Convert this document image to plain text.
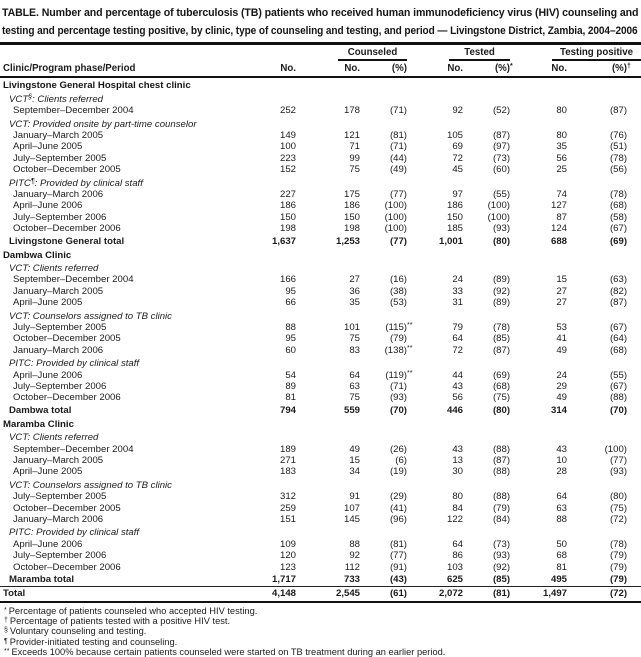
TABLE. Number and percentage of tuberculosis (TB) patients who received human immunodeficiency virus (HIV) counseling and
testing and percentage testing positive, by clinic, type of counseling and testing, and period — Livingstone District, Zambia, 2004–2006

		Counseled		Tested		Testing positive	

Clinic/Program phase/Period	No.	No.	(%)	No.	(%)*	No.	(%)†
Livingstone General Hospital chest clinic							
VCT§: Clients referred							
September–December 2004	252	178	(71)	92	(52)	80	(87)
VCT: Provided onsite by part-time counselor							
January–March 2005	149	121	(81)	105	(87)	80	(76)
April–June 2005	100	71	(71)	69	(97)	35	(51)
July–September 2005	223	99	(44)	72	(73)	56	(78)
October–December 2005	152	75	(49)	45	(60)	25	(56)
PITC¶: Provided by clinical staff							
January–March 2006	227	175	(77)	97	(55)	74	(78)
April–June 2006	186	186	(100)	186	(100)	127	(68)
July–September 2006	150	150	(100)	150	(100)	87	(58)
October–December 2006	198	198	(100)	185	(93)	124	(67)
Livingstone General total	1,637	1,253	(77)	1,001	(80)	688	(69)
Dambwa Clinic							
VCT: Clients referred							
September–December 2004	166	27	(16)	24	(89)	15	(63)
January–March 2005	95	36	(38)	33	(92)	27	(82)
April–June 2005	66	35	(53)	31	(89)	27	(87)
VCT: Counselors assigned to TB clinic							
July–September 2005	88	101	(115)**	79	(78)	53	(67)
October–December 2005	95	75	(79)	64	(85)	41	(64)
January–March 2006	60	83	(138)**	72	(87)	49	(68)
PITC: Provided by clinical staff							
April–June 2006	54	64	(119)**	44	(69)	24	(55)
July–September 2006	89	63	(71)	43	(68)	29	(67)
October–December 2006	81	75	(93)	56	(75)	49	(88)
Dambwa total	794	559	(70)	446	(80)	314	(70)
Maramba Clinic							
VCT: Clients referred							
September–December 2004	189	49	(26)	43	(88)	43	(100)
January–March 2005	271	15	(6)	13	(87)	10	(77)
April–June 2005	183	34	(19)	30	(88)	28	(93)
VCT: Counselors assigned to TB clinic							
July–September 2005	312	91	(29)	80	(88)	64	(80)
October–December 2005	259	107	(41)	84	(79)	63	(75)
January–March 2006	151	145	(96)	122	(84)	88	(72)
PITC: Provided by clinical staff							
April–June 2006	109	88	(81)	64	(73)	50	(78)
July–September 2006	120	92	(77)	86	(93)	68	(79)
October–December 2006	123	112	(91)	103	(92)	81	(79)
Maramba total	1,717	733	(43)	625	(85)	495	(79)
Total	4,148	2,545	(61)	2,072	(81)	1,497	(72)
* Percentage of patients counseled who accepted HIV testing.
† Percentage of patients tested with a positive HIV test.
§ Voluntary counseling and testing.
¶ Provider-initiated testing and counseling.
** Exceeds 100% because certain patients counseled were started on TB treatment during an earlier period.
